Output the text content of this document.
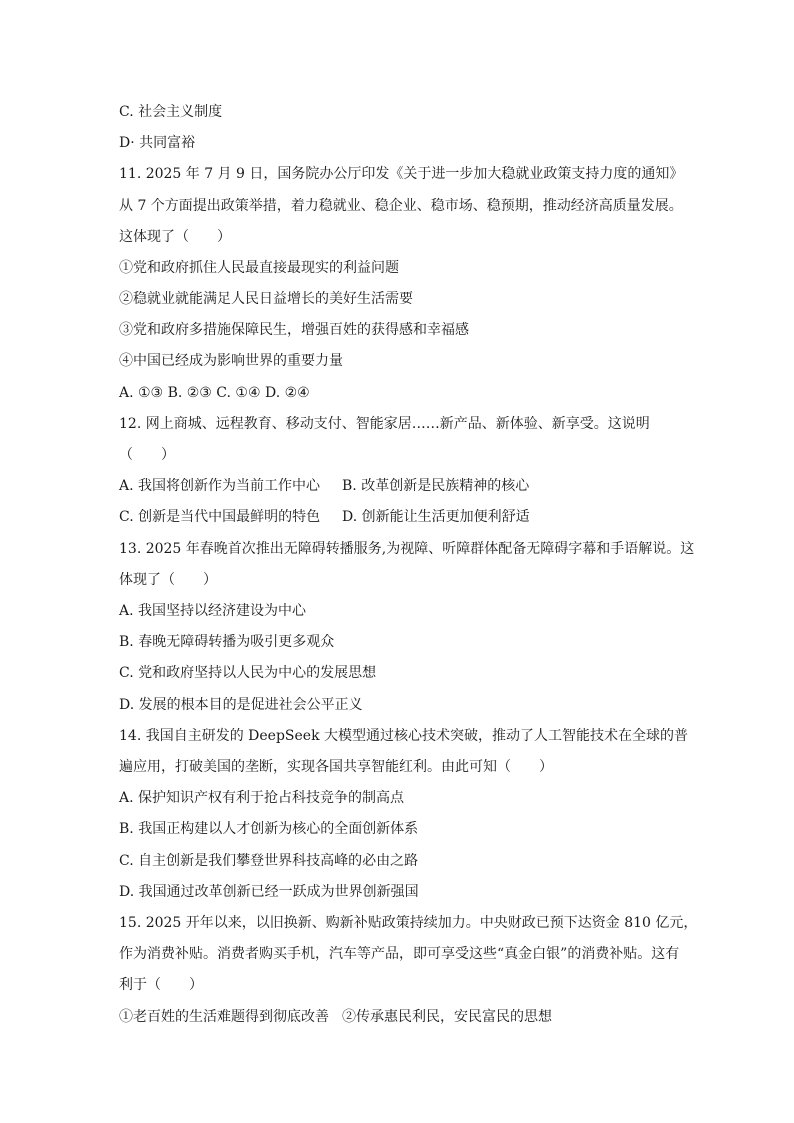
C. 社会主义制度
D· 共同富裕
11. 2025 年 7 月 9 日，国务院办公厅印发《关于进一步加大稳就业政策支持力度的通知》
从 7 个方面提出政策举措，着力稳就业、稳企业、稳市场、稳预期，推动经济高质量发展。
这体现了（　　）
①党和政府抓住人民最直接最现实的利益问题
②稳就业就能满足人民日益增长的美好生活需要
③党和政府多措施保障民生，增强百姓的获得感和幸福感
④中国已经成为影响世界的重要力量
A. ①③ B. ②③ C. ①④ D. ②④
12. 网上商城、远程教育、移动支付、智能家居……新产品、新体验、新享受。这说明
（　　）
A. 我国将创新作为当前工作中心 B. 改革创新是民族精神的核心
C. 创新是当代中国最鲜明的特色 D. 创新能让生活更加便利舒适
13. 2025 年春晚首次推出无障碍转播服务,为视障、听障群体配备无障碍字幕和手语解说。这
体现了（　　）
A. 我国坚持以经济建设为中心
B. 春晚无障碍转播为吸引更多观众
C. 党和政府坚持以人民为中心的发展思想
D. 发展的根本目的是促进社会公平正义
14. 我国自主研发的 DeepSeek 大模型通过核心技术突破，推动了人工智能技术在全球的普
遍应用，打破美国的垄断，实现各国共享智能红利。由此可知（　　）
A. 保护知识产权有利于抢占科技竞争的制高点
B. 我国正构建以人才创新为核心的全面创新体系
C. 自主创新是我们攀登世界科技高峰的必由之路
D. 我国通过改革创新已经一跃成为世界创新强国
15. 2025 开年以来，以旧换新、购新补贴政策持续加力。中央财政已预下达资金 810 亿元，
作为消费补贴。消费者购买手机，汽车等产品，即可享受这些“真金白银”的消费补贴。这有
利于（　　）
①老百姓的生活难题得到彻底改善 ②传承惠民利民，安民富民的思想
